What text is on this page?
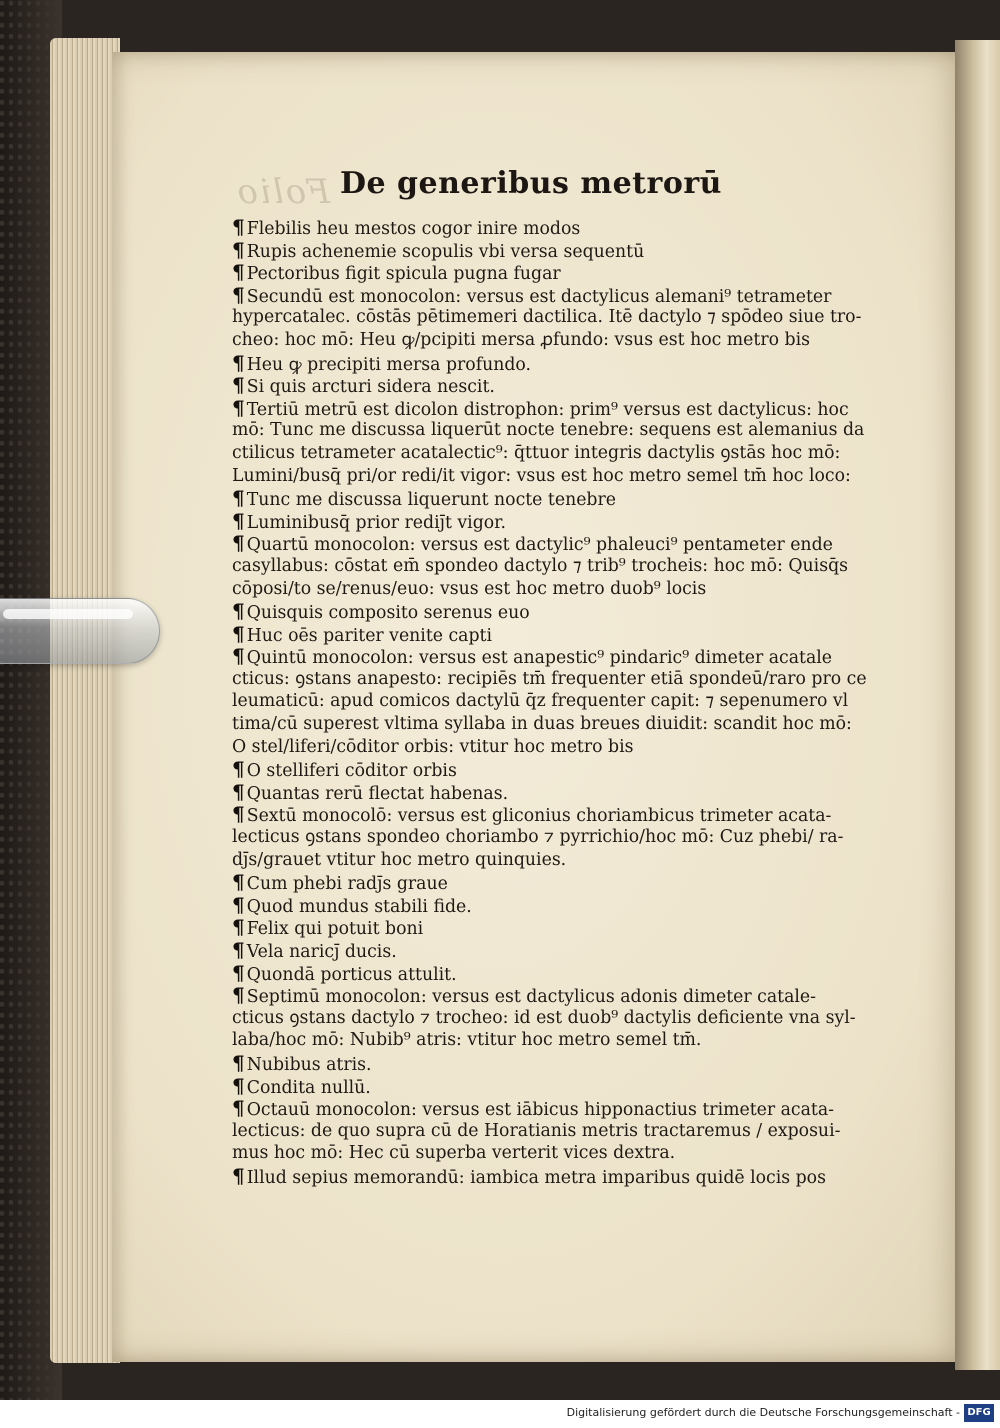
Folio De generibus metrorū
¶ Flebilis heu mestos cogor inire modos
¶ Rupis achenemie scopulis vbi versa sequentū
¶ Pectoribus figit spicula pugna fugar
¶ Secundū est monocolon: versus est dactylicus alemani⁹ tetrameter
hypercatalec. cōstās pētimemeri dactilica. Itē dactylo ⁊ spōdeo siue tro-
cheo: hoc mō: Heu ꝙ/pcipiti mersa ꝓfundo: vsus est hoc metro bis
¶ Heu ꝙ precipiti mersa profundo.
¶ Si quis arcturi sidera nescit.
¶ Tertiū metrū est dicolon distrophon: prim⁹ versus est dactylicus: hoc
mō: Tunc me discussa liquerūt nocte tenebre: sequens est alemanius da
ctilicus tetrameter acatalectic⁹: q̄ttuor integris dactylis ꝯstās hoc mō:
Lumini/busq̄ pri/or redi/it vigor: vsus est hoc metro semel tm̄ hoc loco:
¶ Tunc me discussa liquerunt nocte tenebre
¶ Luminibusq̄ prior rediȷ̄t vigor.
¶ Quartū monocolon: versus est dactylic⁹ phaleuci⁹ pentameter ende
casyllabus: cōstat em̄ spondeo dactylo ⁊ trib⁹ trocheis: hoc mō: Quisq̄s
cōposi/to se/renus/euo: vsus est hoc metro duob⁹ locis
¶ Quisquis composito serenus euo
¶ Huc oēs pariter venite capti
¶ Quintū monocolon: versus est anapestic⁹ pindaric⁹ dimeter acatale
cticus: ꝯstans anapesto: recipiēs tm̄ frequenter etiā spondeū/raro pro ce
leumaticū: apud comicos dactylū q̄z frequenter capit: ⁊ sepenumero vl
tima/cū superest vltima syllaba in duas breues diuidit: scandit hoc mō:
O stel/liferi/cōditor orbis: vtitur hoc metro bis
¶ O stelliferi cōditor orbis
¶ Quantas rerū flectat habenas.
¶ Sextū monocolō: versus est gliconius choriambicus trimeter acata-
lecticus ꝯstans spondeo choriambo ⁊ pyrrichio/hoc mō: Cuz phebi/ ra-
dȷ̄s/grauet vtitur hoc metro quinquies.
¶ Cum phebi radȷ̄s graue
¶ Quod mundus stabili fide.
¶ Felix qui potuit boni
¶ Vela naricȷ̄ ducis.
¶ Quondā porticus attulit.
¶ Septimū monocolon: versus est dactylicus adonis dimeter catale-
cticus ꝯstans dactylo ⁊ trocheo: id est duob⁹ dactylis deficiente vna syl-
laba/hoc mō: Nubib⁹ atris: vtitur hoc metro semel tm̄.
¶ Nubibus atris.
¶ Condita nullū.
¶ Octauū monocolon: versus est iābicus hipponactius trimeter acata-
lecticus: de quo supra cū de Horatianis metris tractaremus / exposui-
mus hoc mō: Hec cū superba verterit vices dextra.
¶ Illud sepius memorandū: iambica metra imparibus quidē locis pos
Digitalisierung gefördert durch die Deutsche Forschungsgemeinschaft - DFG
